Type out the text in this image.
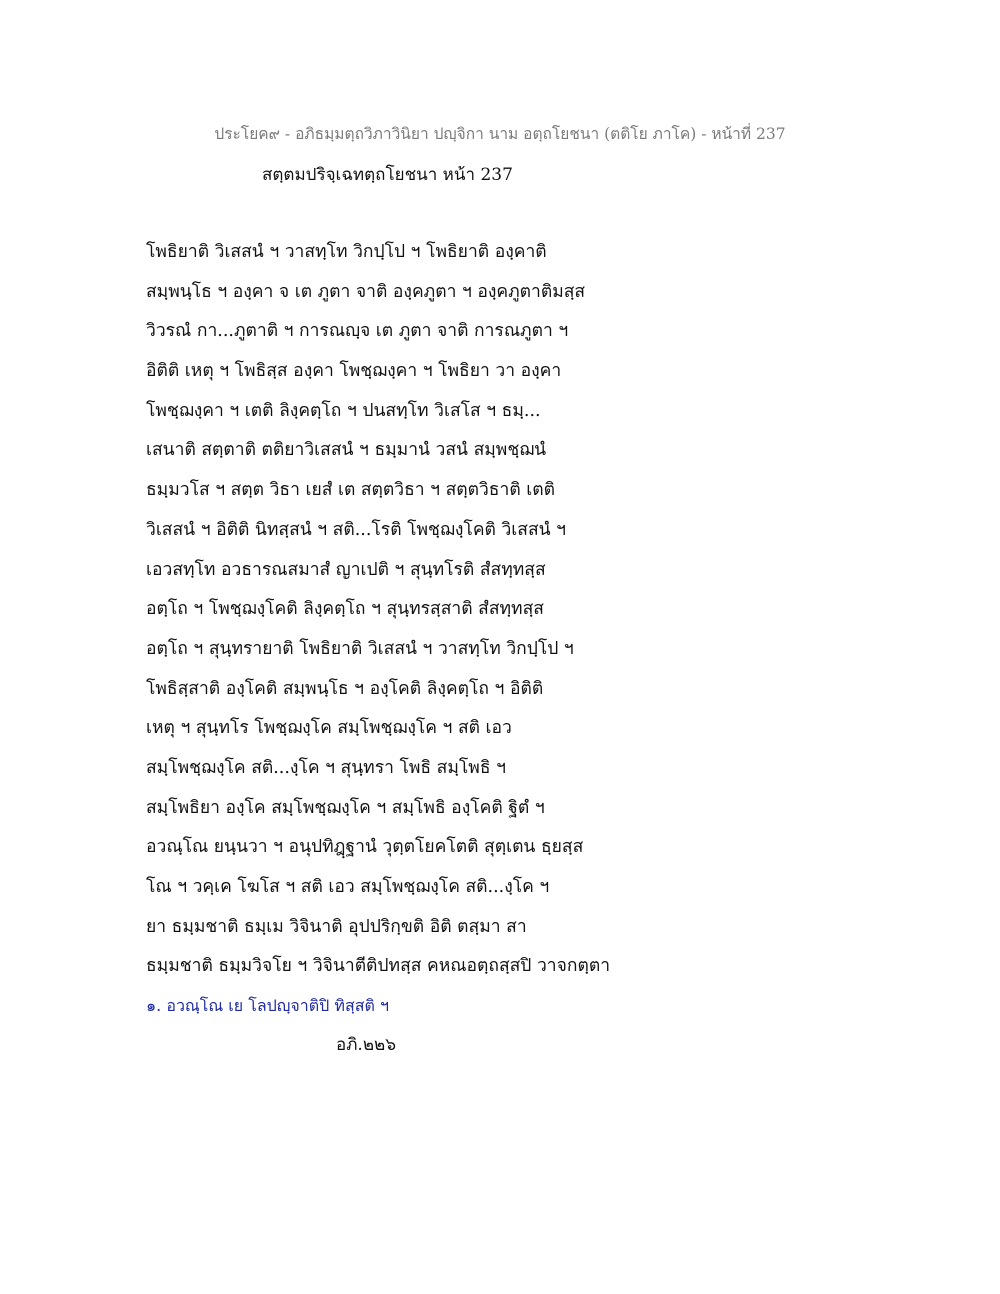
ประโยค๙ - อภิธมฺมตฺถวิภาวินิยา ปญฺจิกา นาม อตฺถโยชนา (ตติโย ภาโค) - หน้าที่ 237
สตฺตมปริจฺเฉทตฺถโยชนา หน้า 237
โพธิยาติ วิเสสนํ ฯ วาสทฺโท วิกปฺโป ฯ โพธิยาติ องฺคาติ
สมฺพนฺโธ ฯ องฺคา จ เต ภูตา จาติ องฺคภูตา ฯ องฺคภูตาติมสฺส
วิวรณํ กา...ภูตาติ ฯ การณญฺจ เต ภูตา จาติ การณภูตา ฯ
อิติติ เหตุ ฯ โพธิสฺส องฺคา โพชฺฌงฺคา ฯ โพธิยา วา องฺคา
โพชฺฌงฺคา ฯ เตติ ลิงฺคตฺโถ ฯ ปนสทฺโท วิเสโส ฯ ธมฺ...
เสนาติ สตฺตาติ ตติยาวิเสสนํ ฯ ธมฺมานํ วสนํ สมฺพชฺฌนํ
ธมฺมวโส ฯ สตฺต วิธา เยสํ เต สตฺตวิธา ฯ สตฺตวิธาติ เตติ
วิเสสนํ ฯ อิติติ นิทสฺสนํ ฯ สติ...โรติ โพชฺฌงฺโคติ วิเสสนํ ฯ
เอวสทฺโท อวธารณสมาสํ ญาเปติ ฯ สุนฺทโรติ สํสทฺทสฺส
อตฺโถ ฯ โพชฺฌงฺโคติ ลิงฺคตฺโถ ฯ สุนฺทรสฺสาติ สํสทฺทสฺส
อตฺโถ ฯ สุนฺทรายาติ โพธิยาติ วิเสสนํ ฯ วาสทฺโท วิกปฺโป ฯ
โพธิสฺสาติ องฺโคติ สมฺพนฺโธ ฯ องฺโคติ ลิงฺคตฺโถ ฯ อิติติ
เหตุ ฯ สุนฺทโร โพชฺฌงฺโค สมฺโพชฺฌงฺโค ฯ สติ เอว
สมฺโพชฺฌงฺโค สติ...งฺโค ฯ สุนฺทรา โพธิ สมฺโพธิ ฯ
สมฺโพธิยา องฺโค สมฺโพชฺฌงฺโค ฯ สมฺโพธิ องฺโคติ ฐิตํ ฯ
อวณฺโณ ยนฺนวา ฯ อนุปทิฎฺฐานํ วุตฺตโยคโตติ สุตฺเตน ธฺยสฺส
โณ ฯ วคฺเค โฆโส ฯ สติ เอว สมฺโพชฺฌงฺโค สติ...งฺโค ฯ
ยา ธมฺมชาติ ธมฺเม วิจินาติ อุปปริกฺขติ อิติ ตสฺมา สา
ธมฺมชาติ ธมฺมวิจโย ฯ วิจินาตีติปทสฺส คหณอตฺถสฺสปิ วาจกตฺตา
๑. อวณฺโณ เย โลปญฺจาติปิ ทิสฺสติ ฯ
อภิ.๒๒๖
